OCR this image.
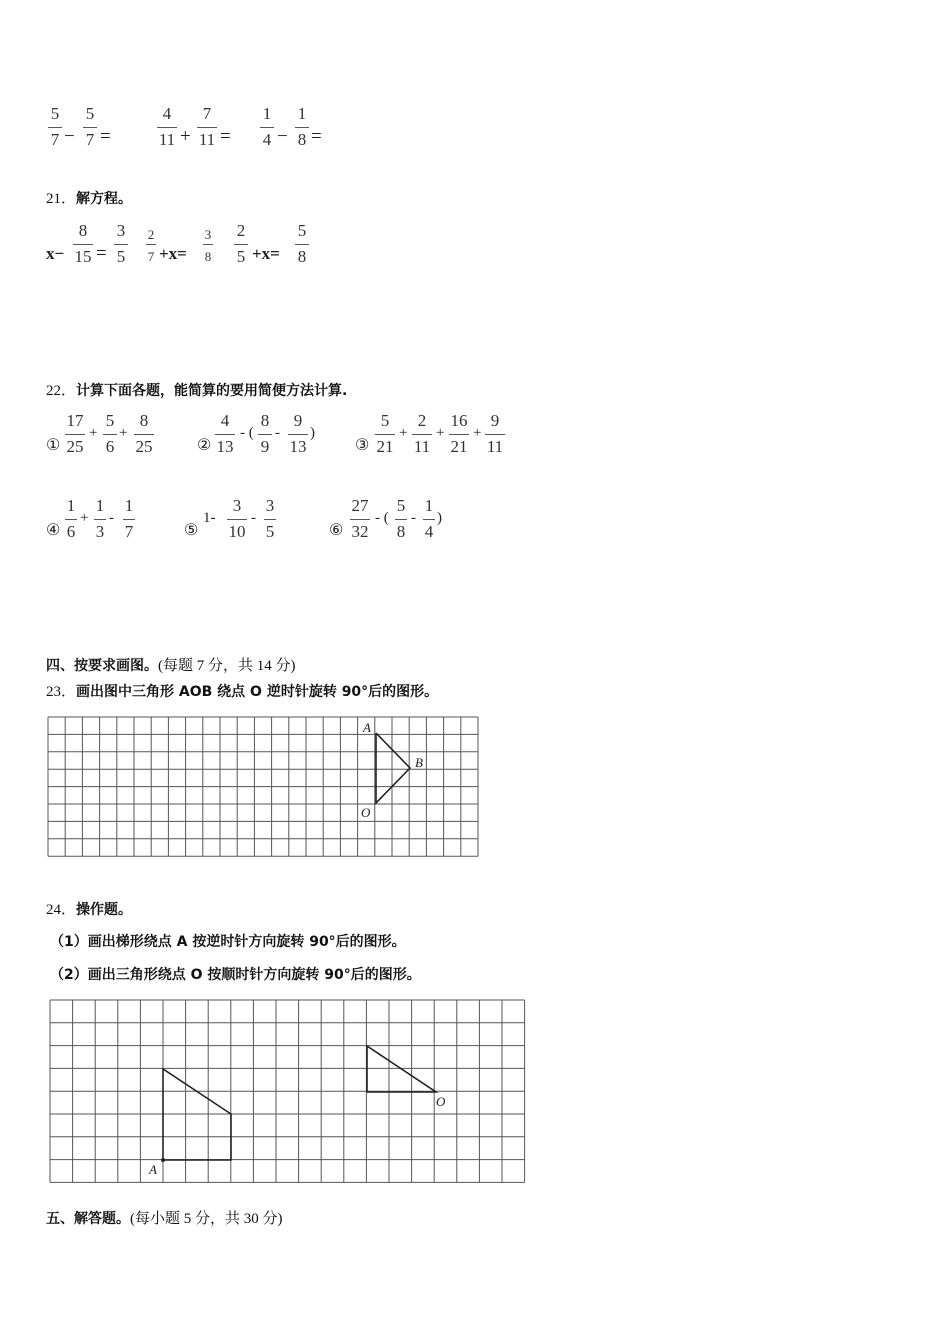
5
7 −
5
7 =
4
11 +
7
11 =
1
4 −
1
8 =
21．解方程。
x−
8
15 =
3
5
2
7 +x=
3
8
2
5 +x=
5
8
22．计算下面各题，能简算的要用简便方法计算.
①
17
25
+
5
6
+
8
25	②
4
13
- (
8
9
-
9
13
)
③
5
21
+
2
11
+
16
21
+
9
11
④
1
6
+
1
3
-
1
7	⑤
1-
3
10
-
3
5	⑥
27
32
- (
5
8
-
1
4
)
四、按要求画图。(每题 7 分，共 14 分)
23．画出图中三角形 AOB 绕点 O 逆时针旋转 90°后的图形。
A
B
O
24．操作题。
（1）画出梯形绕点 A 按逆时针方向旋转 90°后的图形。
（2）画出三角形绕点 O 按顺时针方向旋转 90°后的图形。
A
O
五、解答题。(每小题 5 分，共 30 分)
